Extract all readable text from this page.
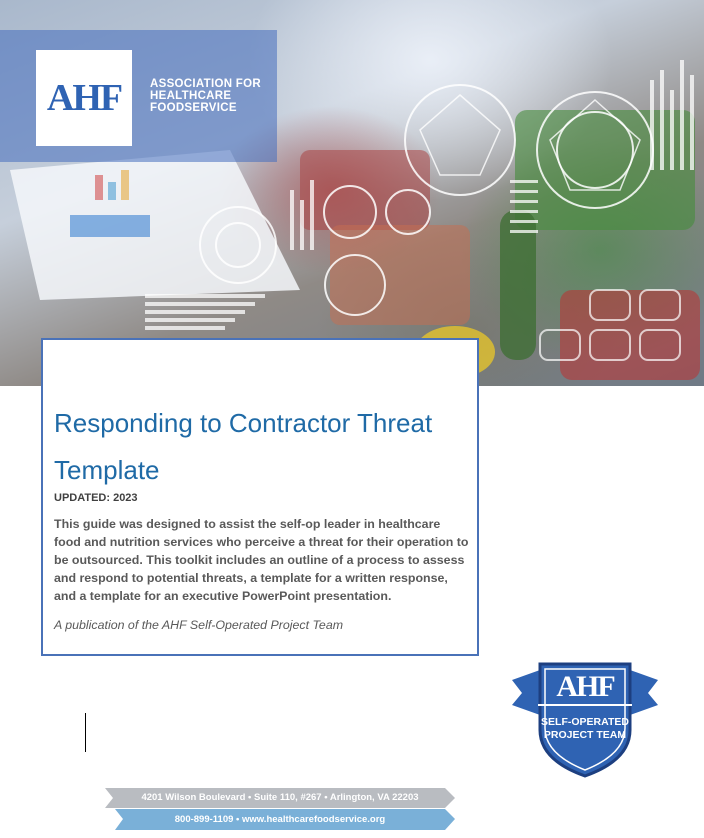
AHF	ASSOCIATION FOR HEALTHCARE FOODSERVICE
Responding to Contractor Threat Template
UPDATED: 2023

This guide was designed to assist the self-op leader in healthcare food and nutrition services who perceive a threat for their operation to be outsourced. This toolkit includes an outline of a process to assess and respond to potential threats, a template for a written response, and a template for an executive PowerPoint presentation.

A publication of the AHF Self-Operated Project Team
AHF
SELF-OPERATED
PROJECT TEAM
4201 Wilson Boulevard • Suite 110, #267 • Arlington, VA 22203
800-899-1109 • www.healthcarefoodservice.org
